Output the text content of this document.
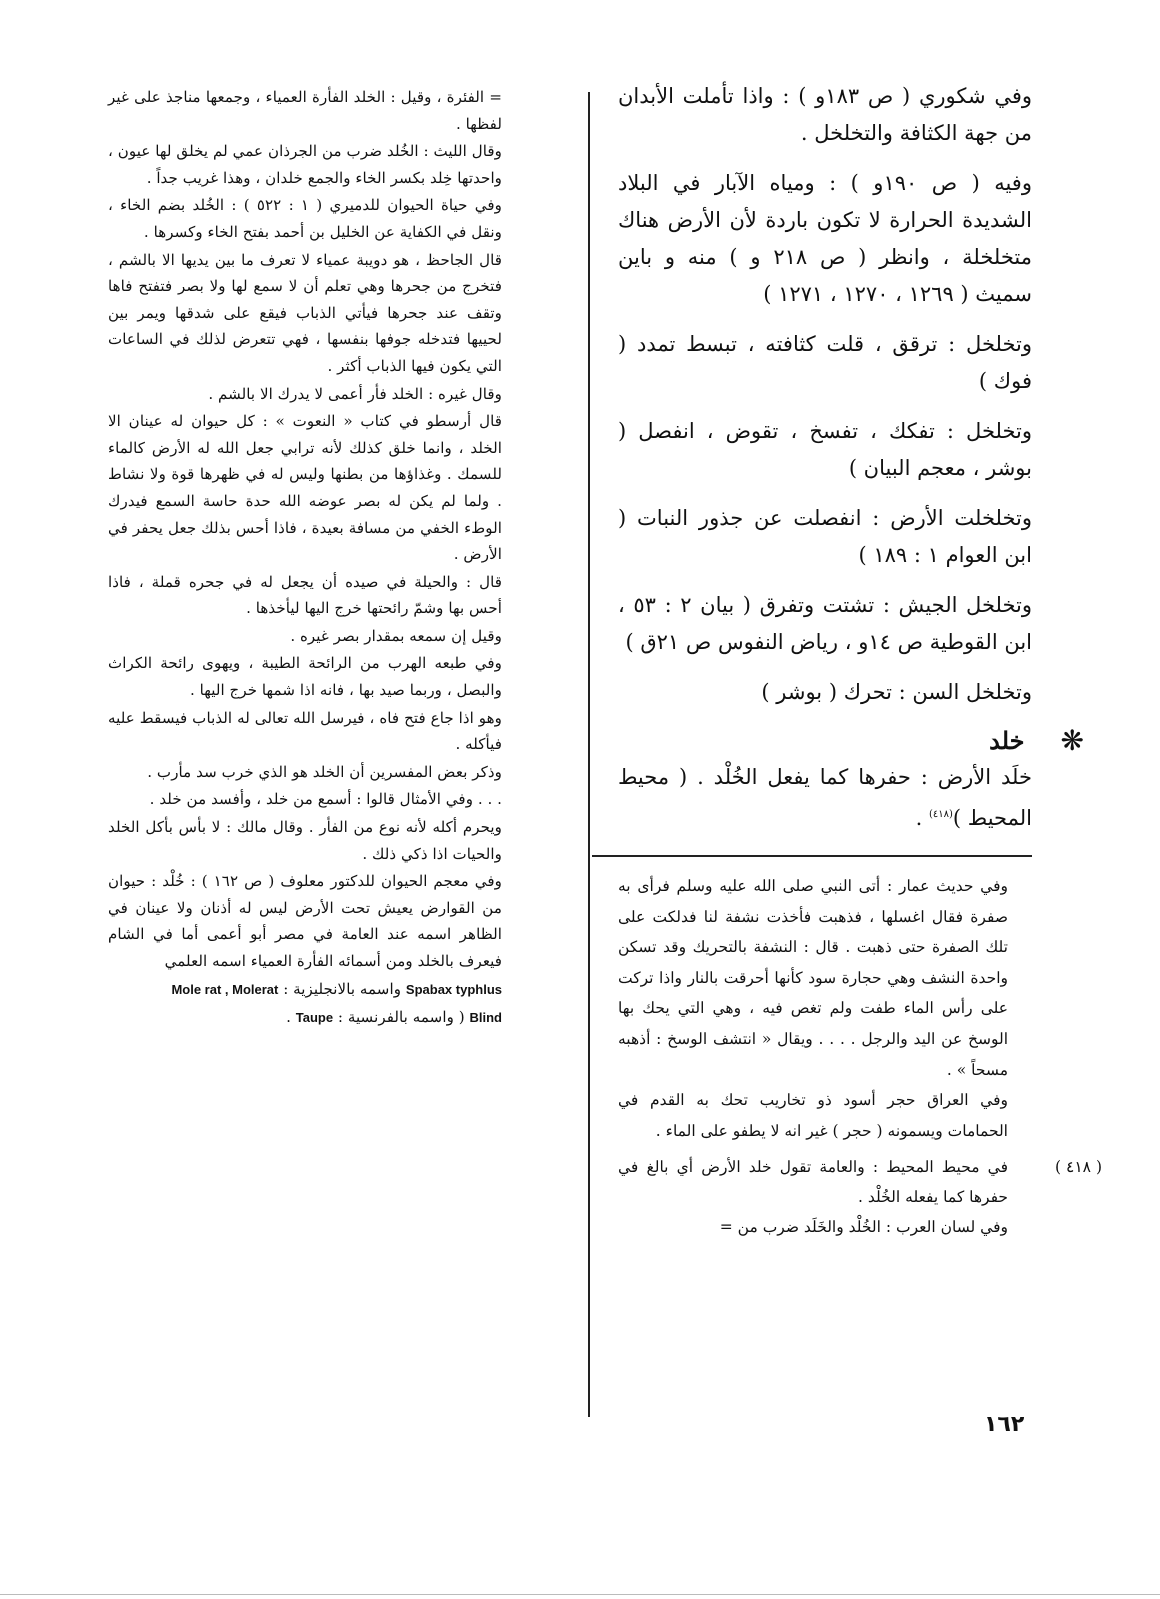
وفي شكوري ( ص ١٨٣و ) : واذا تأملت الأبدان من جهة الكثافة والتخلخل .

وفيه ( ص ١٩٠و ) : ومياه الآبار في البلاد الشديدة الحرارة لا تكون باردة لأن الأرض هناك متخلخلة ، وانظر ( ص ٢١٨ و ) منه و باين سميث ( ١٢٦٩ ، ١٢٧٠ ، ١٢٧١ )

وتخلخل : ترقق ، قلت كثافته ، تبسط تمدد ( فوك )

وتخلخل : تفكك ، تفسخ ، تقوض ، انفصل ( بوشر ، معجم البيان )

وتخلخلت الأرض : انفصلت عن جذور النبات ( ابن العوام ١ : ١٨٩ )

وتخلخل الجيش : تشتت وتفرق ( بيان ٢ : ٥٣ ، ابن القوطية ص ١٤و ، رياض النفوس ص ٢١ق )

وتخلخل السن : تحرك ( بوشر )

❋
خلد

خلَد الأرض : حفرها كما يفعل الخُلْد . ( محيط المحيط )$^{(٤١٨)}$ .

وفي حديث عمار : أتى النبي صلى الله عليه وسلم فرأى به صفرة فقال اغسلها ، فذهبت فأخذت نشفة لنا فدلكت على تلك الصفرة حتى ذهبت . قال : النشفة بالتحريك وقد تسكن واحدة النشف وهي حجارة سود كأنها أحرقت بالنار واذا تركت على رأس الماء طفت ولم تغص فيه ، وهي التي يحك بها الوسخ عن اليد والرجل . . . . ويقال « انتشف الوسخ : أذهبه مسحاً » .

وفي العراق حجر أسود ذو تخاريب تحك به القدم في الحمامات ويسمونه ( حجر ) غير انه لا يطفو على الماء .

( ٤١٨ )
في محيط المحيط : والعامة تقول خلد الأرض أي بالغ في حفرها كما يفعله الخُلْد .

وفي لسان العرب : الخُلْد والخَلَد ضرب من =

= الفئرة ، وقيل : الخلد الفأرة العمياء ، وجمعها مناجذ على غير لفظها .

وقال الليث : الخُلد ضرب من الجرذان عمي لم يخلق لها عيون ، واحدتها خِلد بكسر الخاء والجمع خلدان ، وهذا غريب جداً .

وفي حياة الحيوان للدميري ( ١ : ٥٢٢ ) : الخُلد بضم الخاء ، ونقل في الكفاية عن الخليل بن أحمد بفتح الخاء وكسرها .

قال الجاحظ ، هو دويبة عمياء لا تعرف ما بين يديها الا بالشم ، فتخرج من جحرها وهي تعلم أن لا سمع لها ولا بصر فتفتح فاها وتقف عند جحرها فيأتي الذباب فيقع على شدقها ويمر بين لحييها فتدخله جوفها بنفسها ، فهي تتعرض لذلك في الساعات التي يكون فيها الذباب أكثر .

وقال غيره : الخلد فأر أعمى لا يدرك الا بالشم .

قال أرسطو في كتاب « النعوت » : كل حيوان له عينان الا الخلد ، وانما خلق كذلك لأنه ترابي جعل الله له الأرض كالماء للسمك . وغذاؤها من بطنها وليس له في ظهرها قوة ولا نشاط . ولما لم يكن له بصر عوضه الله حدة حاسة السمع فيدرك الوطء الخفي من مسافة بعيدة ، فاذا أحس بذلك جعل يحفر في الأرض .

قال : والحيلة في صيده أن يجعل له في جحره قملة ، فاذا أحس بها وشمّ رائحتها خرج اليها ليأخذها .

وقيل إن سمعه بمقدار بصر غيره .

وفي طبعه الهرب من الرائحة الطيبة ، ويهوى رائحة الكراث والبصل ، وربما صيد بها ، فانه اذا شمها خرج اليها .

وهو اذا جاع فتح فاه ، فيرسل الله تعالى له الذباب فيسقط عليه فيأكله .

وذكر بعض المفسرين أن الخلد هو الذي خرب سد مأرب .

. . . وفي الأمثال قالوا : أسمع من خلد ، وأفسد من خلد .

ويحرم أكله لأنه نوع من الفأر . وقال مالك : لا بأس بأكل الخلد والحيات اذا ذكي ذلك .

وفي معجم الحيوان للدكتور معلوف ( ص ١٦٢ ) : خُلْد : حيوان من القوارض يعيش تحت الأرض ليس له أذنان ولا عينان في الظاهر اسمه عند العامة في مصر أبو أعمى أما في الشام فيعرف بالخلد ومن أسمائه الفأرة العمياء اسمه العلمي

Spabax typhlus واسمه بالانجليزية : Mole rat , Molerat

Blind ( واسمه بالفرنسية : Taupe .

١٦٢
